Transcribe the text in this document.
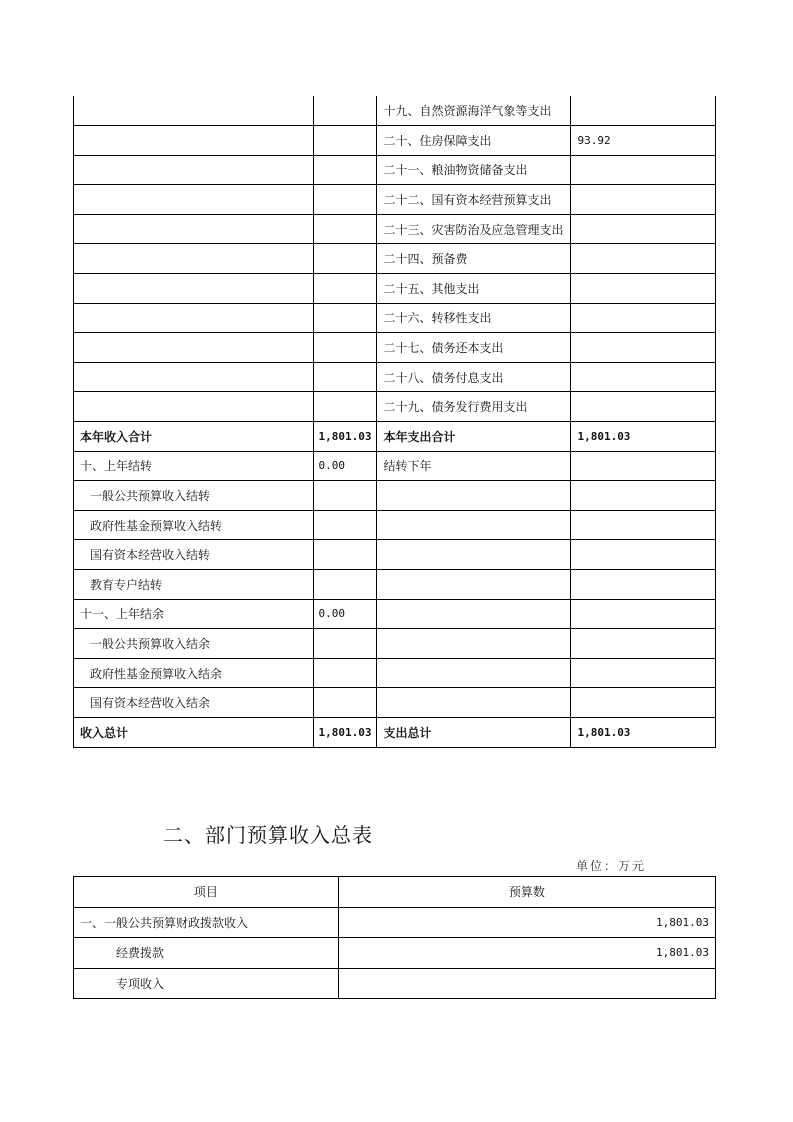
		十九、自然资源海洋气象等支出	
		二十、住房保障支出	93.92
		二十一、粮油物资储备支出	
		二十二、国有资本经营预算支出	
		二十三、灾害防治及应急管理支出	
		二十四、预备费	
		二十五、其他支出	
		二十六、转移性支出	
		二十七、债务还本支出	
		二十八、债务付息支出	
		二十九、债务发行费用支出	
本年收入合计	1,801.03	本年支出合计	1,801.03
十、上年结转	0.00	结转下年	
一般公共预算收入结转			
政府性基金预算收入结转			
国有资本经营收入结转			
教育专户结转			
十一、上年结余	0.00		
一般公共预算收入结余			
政府性基金预算收入结余			
国有资本经营收入结余			
收入总计	1,801.03	支出总计	1,801.03
二、部门预算收入总表
单位：万元
项目	预算数
一、一般公共预算财政拨款收入	1,801.03
经费拨款	1,801.03
专项收入	
